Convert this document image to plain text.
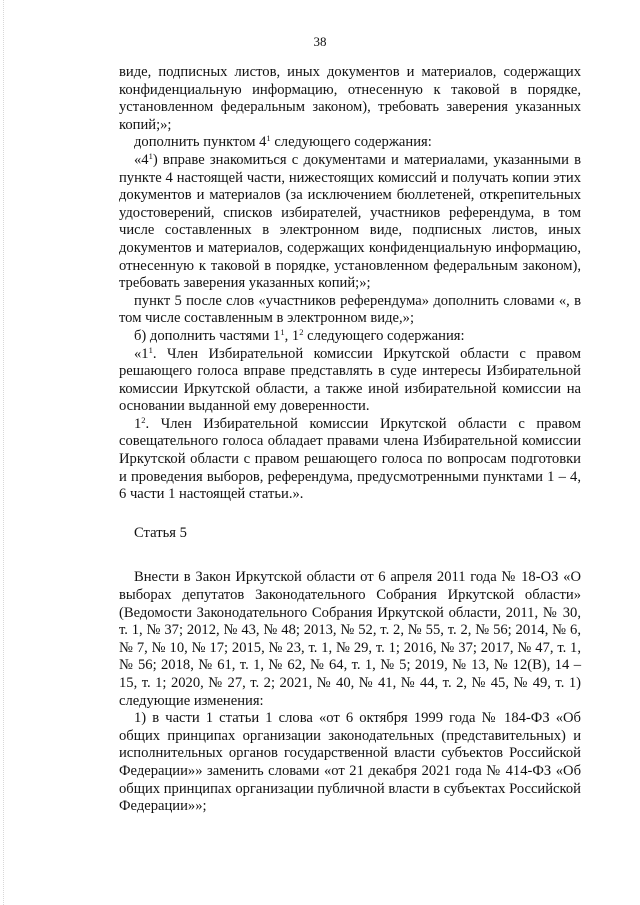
38

виде, подписных листов, иных документов и материалов, содержащих конфиденциальную информацию, отнесенную к таковой в порядке, установленном федеральным законом), требовать заверения указанных копий;»;

дополнить пунктом $4^1$ следующего содержания:

«$4^1$) вправе знакомиться с документами и материалами, указанными в пункте 4 настоящей части, нижестоящих комиссий и получать копии этих документов и материалов (за исключением бюллетеней, открепительных удостоверений, списков избирателей, участников референдума, в том числе составленных в электронном виде, подписных листов, иных документов и материалов, содержащих конфиденциальную информацию, отнесенную к таковой в порядке, установленном федеральным законом), требовать заверения указанных копий;»;

пункт 5 после слов «участников референдума» дополнить словами «, в том числе составленным в электронном виде,»;

б) дополнить частями $1^1$, $1^2$ следующего содержания:

«$1^1$. Член Избирательной комиссии Иркутской области с правом решающего голоса вправе представлять в суде интересы Избирательной комиссии Иркутской области, а также иной избирательной комиссии на основании выданной ему доверенности.

$1^2$. Член Избирательной комиссии Иркутской области с правом совещательного голоса обладает правами члена Избирательной комиссии Иркутской области с правом решающего голоса по вопросам подготовки и проведения выборов, референдума, предусмотренными пунктами 1 – 4, 6 части 1 настоящей статьи.».

Статья 5

Внести в Закон Иркутской области от 6 апреля 2011 года № 18-ОЗ «О выборах депутатов Законодательного Собрания Иркутской области» (Ведомости Законодательного Собрания Иркутской области, 2011, № 30, т. 1, № 37; 2012, № 43, № 48; 2013, № 52, т. 2, № 55, т. 2, № 56; 2014, № 6, № 7, № 10, № 17; 2015, № 23, т. 1, № 29, т. 1; 2016, № 37; 2017, № 47, т. 1, № 56; 2018, № 61, т. 1, № 62, № 64, т. 1, № 5; 2019, № 13, № 12(В), 14 – 15, т. 1; 2020, № 27, т. 2; 2021, № 40, № 41, № 44, т. 2, № 45, № 49, т. 1) следующие изменения:

1) в части 1 статьи 1 слова «от 6 октября 1999 года № 184-ФЗ «Об общих принципах организации законодательных (представительных) и исполнительных органов государственной власти субъектов Российской Федерации»» заменить словами «от 21 декабря 2021 года № 414-ФЗ «Об общих принципах организации публичной власти в субъектах Российской Федерации»»;
